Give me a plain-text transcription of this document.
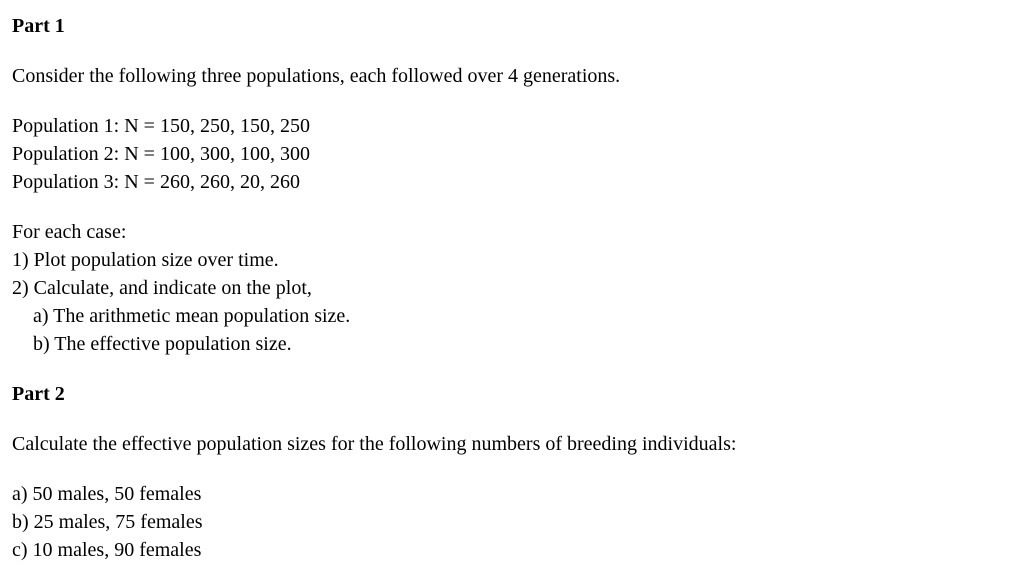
Part 1
Consider the following three populations, each followed over 4 generations.
Population 1: N = 150, 250, 150, 250
Population 2: N = 100, 300, 100, 300
Population 3: N = 260, 260, 20, 260
For each case:
1) Plot population size over time.
2) Calculate, and indicate on the plot,
a) The arithmetic mean population size.
b) The effective population size.
Part 2
Calculate the effective population sizes for the following numbers of breeding individuals:
a) 50 males, 50 females
b) 25 males, 75 females
c) 10 males, 90 females
